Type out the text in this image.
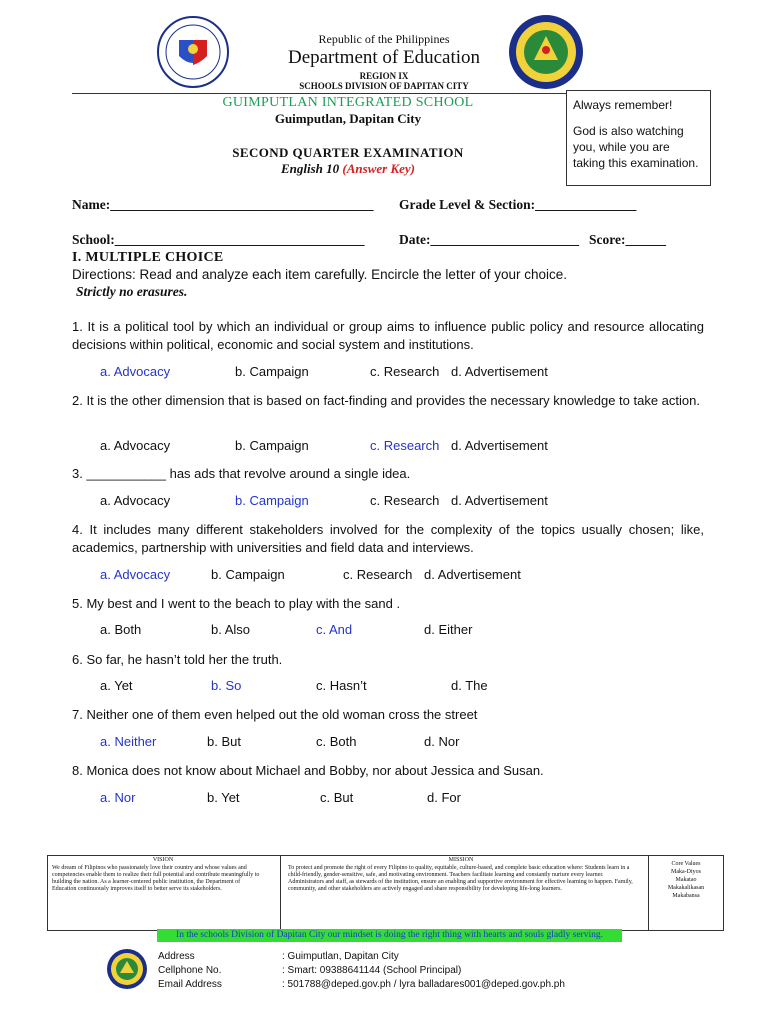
Republic of the Philippines
Department of Education
REGION IX
SCHOOLS DIVISION OF DAPITAN CITY
GUIMPUTLAN INTEGRATED SCHOOL
Guimputlan, Dapitan City
SECOND QUARTER EXAMINATION
English 10 (Answer Key)
Always remember!
God is also watching you, while you are taking this examination.
Name:_______________________________________ Grade Level & Section:_______________
School:_____________________________________	Date:______________________ Score:______
I. MULTIPLE CHOICE
Directions: Read and analyze each item carefully. Encircle the letter of your choice.
Strictly no erasures.
1. It is a political tool by which an individual or group aims to influence public policy and resource allocating decisions within political, economic and social system and institutions.
2. It is the other dimension that is based on fact-finding and provides the necessary knowledge to take action.
3. ___________ has ads that revolve around a single idea.
4. It includes many different stakeholders involved for the complexity of the topics usually chosen; like, academics, partnership with universities and field data and interviews.
5. My best and I went to the beach to play with the sand .
6. So far, he hasn’t told her the truth.
7. Neither one of them even helped out the old woman cross the street
8. Monica does not know about Michael and Bobby, nor about Jessica and Susan.
a. Advocacy	b. Campaign	c. Research d. Advertisement
a. Advocacy	b. Campaign	c. Research d. Advertisement
a. Advocacy	b. Campaign	c. Research d. Advertisement
a. Advocacy	b. Campaign	c. Research d. Advertisement
a. Both	b. Also	c. And	d. Either
a. Yet	b. So	c. Hasn’t	d. The
a. Neither	b. But	c. Both	d. Nor
a. Nor	b. Yet	c. But	d. For
VISION
We dream of Filipinos who passionately love their country and whose values and competencies enable them to realize their full potential and contribute meaningfully to building the nation. As a learner-centered public institution, the Department of Education continuously improves itself to better serve its stakeholders.
MISSION
To protect and promote the right of every Filipino to quality, equitable, culture-based, and complete basic education where: Students learn in a child-friendly, gender-sensitive, safe, and motivating environment. Teachers facilitate learning and constantly nurture every learner. Administrators and staff, as stewards of the institution, ensure an enabling and supportive environment for effective learning to happen. Family, community, and other stakeholders are actively engaged and share responsibility for developing life-long learners.
Core Values
Maka-Diyos
Makatao
Makakalikasan
Makabansa
In the schools Division of Dapitan City our mindset is doing the right thing with hearts and souls gladly serving.
Address	: Guimputlan, Dapitan City
Cellphone No.	: Smart: 09388641144 (School Principal)
Email Address	: 501788@deped.gov.ph / lyra balladares001@deped.gov.ph.ph
